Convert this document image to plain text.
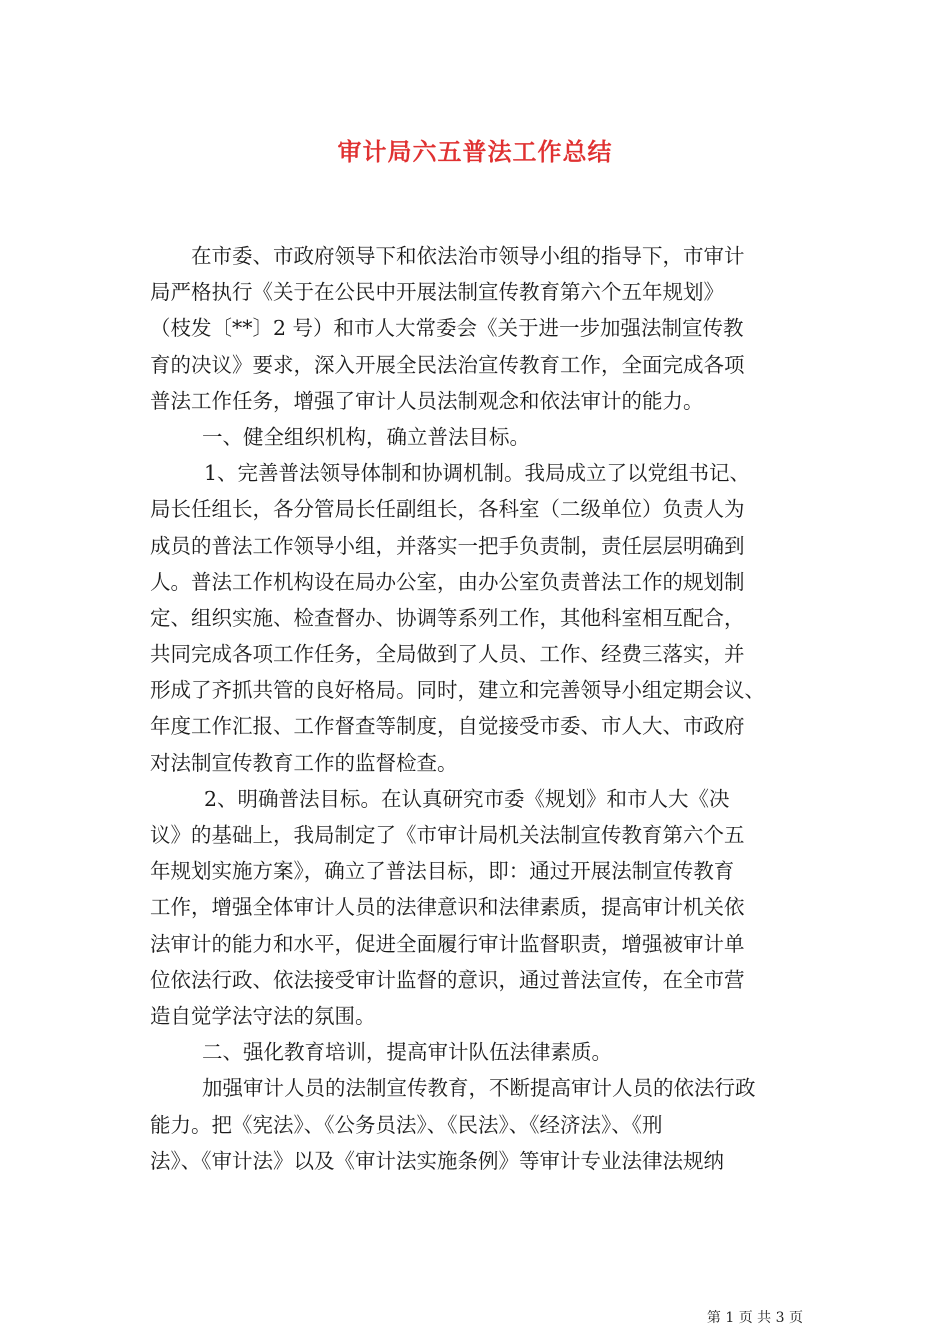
审计局六五普法工作总结
在市委、市政府领导下和依法治市领导小组的指导下，市审计
局严格执行《关于在公民中开展法制宣传教育第六个五年规划》
（枝发〔**〕2 号）和市人大常委会《关于进一步加强法制宣传教
育的决议》要求，深入开展全民法治宣传教育工作，全面完成各项
普法工作任务，增强了审计人员法制观念和依法审计的能力。
一、健全组织机构，确立普法目标。
1、完善普法领导体制和协调机制。我局成立了以党组书记、
局长任组长，各分管局长任副组长，各科室（二级单位）负责人为
成员的普法工作领导小组，并落实一把手负责制，责任层层明确到
人。普法工作机构设在局办公室，由办公室负责普法工作的规划制
定、组织实施、检查督办、协调等系列工作，其他科室相互配合，
共同完成各项工作任务，全局做到了人员、工作、经费三落实，并
形成了齐抓共管的良好格局。同时，建立和完善领导小组定期会议、
年度工作汇报、工作督查等制度，自觉接受市委、市人大、市政府
对法制宣传教育工作的监督检查。
2、明确普法目标。在认真研究市委《规划》和市人大《决
议》的基础上，我局制定了《市审计局机关法制宣传教育第六个五
年规划实施方案》，确立了普法目标，即：通过开展法制宣传教育
工作，增强全体审计人员的法律意识和法律素质，提高审计机关依
法审计的能力和水平，促进全面履行审计监督职责，增强被审计单
位依法行政、依法接受审计监督的意识，通过普法宣传，在全市营
造自觉学法守法的氛围。
二、强化教育培训，提高审计队伍法律素质。
加强审计人员的法制宣传教育，不断提高审计人员的依法行政
能力。把《宪法》、《公务员法》、《民法》、《经济法》、《刑
法》、《审计法》以及《审计法实施条例》等审计专业法律法规纳
第 1 页 共 3 页
